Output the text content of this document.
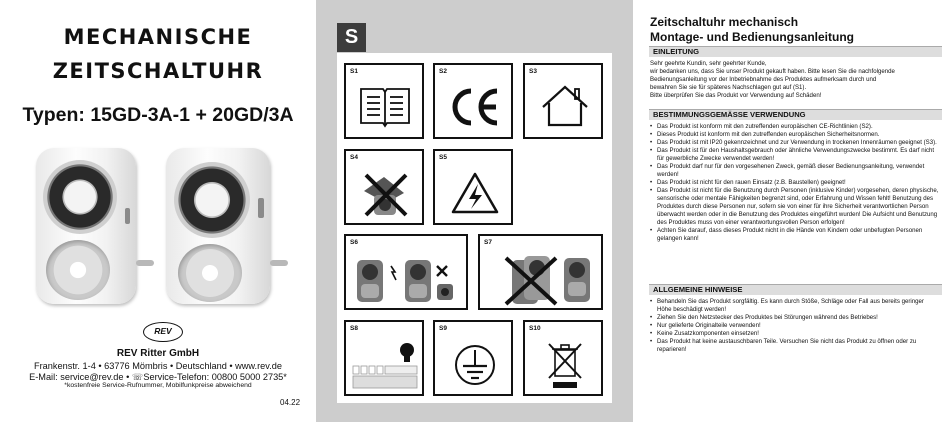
MECHANISCHE
ZEITSCHALTUHR
Typen: 15GD-3A-1 + 20GD/3A
REV
REV Ritter GmbH
Frankenstr. 1-4 • 63776 Mömbris • Deutschland • www.rev.de
E-Mail: service@rev.de • ☏Service-Telefon: 00800 5000 2735*
*kostenfreie Service-Rufnummer, Mobilfunkpreise abweichend
04.22
S
S1	S2	S3
S4	S5
S6	S7
S8	S9	S10
Zeitschaltuhr mechanisch
Montage- und Bedienungsanleitung
EINLEITUNG
Sehr geehrte Kundin, sehr geehrter Kunde,
wir bedanken uns, dass Sie unser Produkt gekauft haben. Bitte lesen Sie die nachfolgende
Bedienungsanleitung vor der Inbetriebnahme des Produktes aufmerksam durch und
bewahren Sie sie für späteres Nachschlagen gut auf (S1).
Bitte überprüfen Sie das Produkt vor Verwendung auf Schäden!
BESTIMMUNGSGEMÄSSE VERWENDUNG
• Das Produkt ist konform mit den zutreffenden europäischen CE-Richtlinien (S2).
• Dieses Produkt ist konform mit den zutreffenden europäischen Sicherheitsnormen.
• Das Produkt ist mit IP20 gekennzeichnet und zur Verwendung in trockenen Innenräumen geeignet (S3).
• Das Produkt ist für den Haushaltsgebrauch oder ähnliche Verwendungszwecke bestimmt. Es darf nicht für gewerbliche Zwecke verwendet werden!
• Das Produkt darf nur für den vorgesehenen Zweck, gemäß dieser Bedienungsanleitung, verwendet werden!
• Das Produkt ist nicht für den rauen Einsatz (z.B. Baustellen) geeignet!
• Das Produkt ist nicht für die Benutzung durch Personen (inklusive Kinder) vorgesehen, deren physische, sensorische oder mentale Fähigkeiten begrenzt sind, oder Erfahrung und Wissen fehlt! Benutzung des Produktes durch diese Personen nur, sofern sie von einer für ihre Sicherheit verantwortlichen Person überwacht werden oder in die Benutzung des Produktes eingeführt wurden! Die Aufsicht und Benutzung des Produktes muss von einer verantwortungsvollen Person erfolgen!
• Achten Sie darauf, dass dieses Produkt nicht in die Hände von Kindern oder unbefugten Personen gelangen kann!
ALLGEMEINE HINWEISE
• Behandeln Sie das Produkt sorgfältig. Es kann durch Stöße, Schläge oder Fall aus bereits geringer Höhe beschädigt werden!
• Ziehen Sie den Netzstecker des Produktes bei Störungen während des Betriebes!
• Nur gelieferte Originalteile verwenden!
• Keine Zusatzkomponenten einsetzen!
• Das Produkt hat keine austauschbaren Teile. Versuchen Sie nicht das Produkt zu öffnen oder zu reparieren!
